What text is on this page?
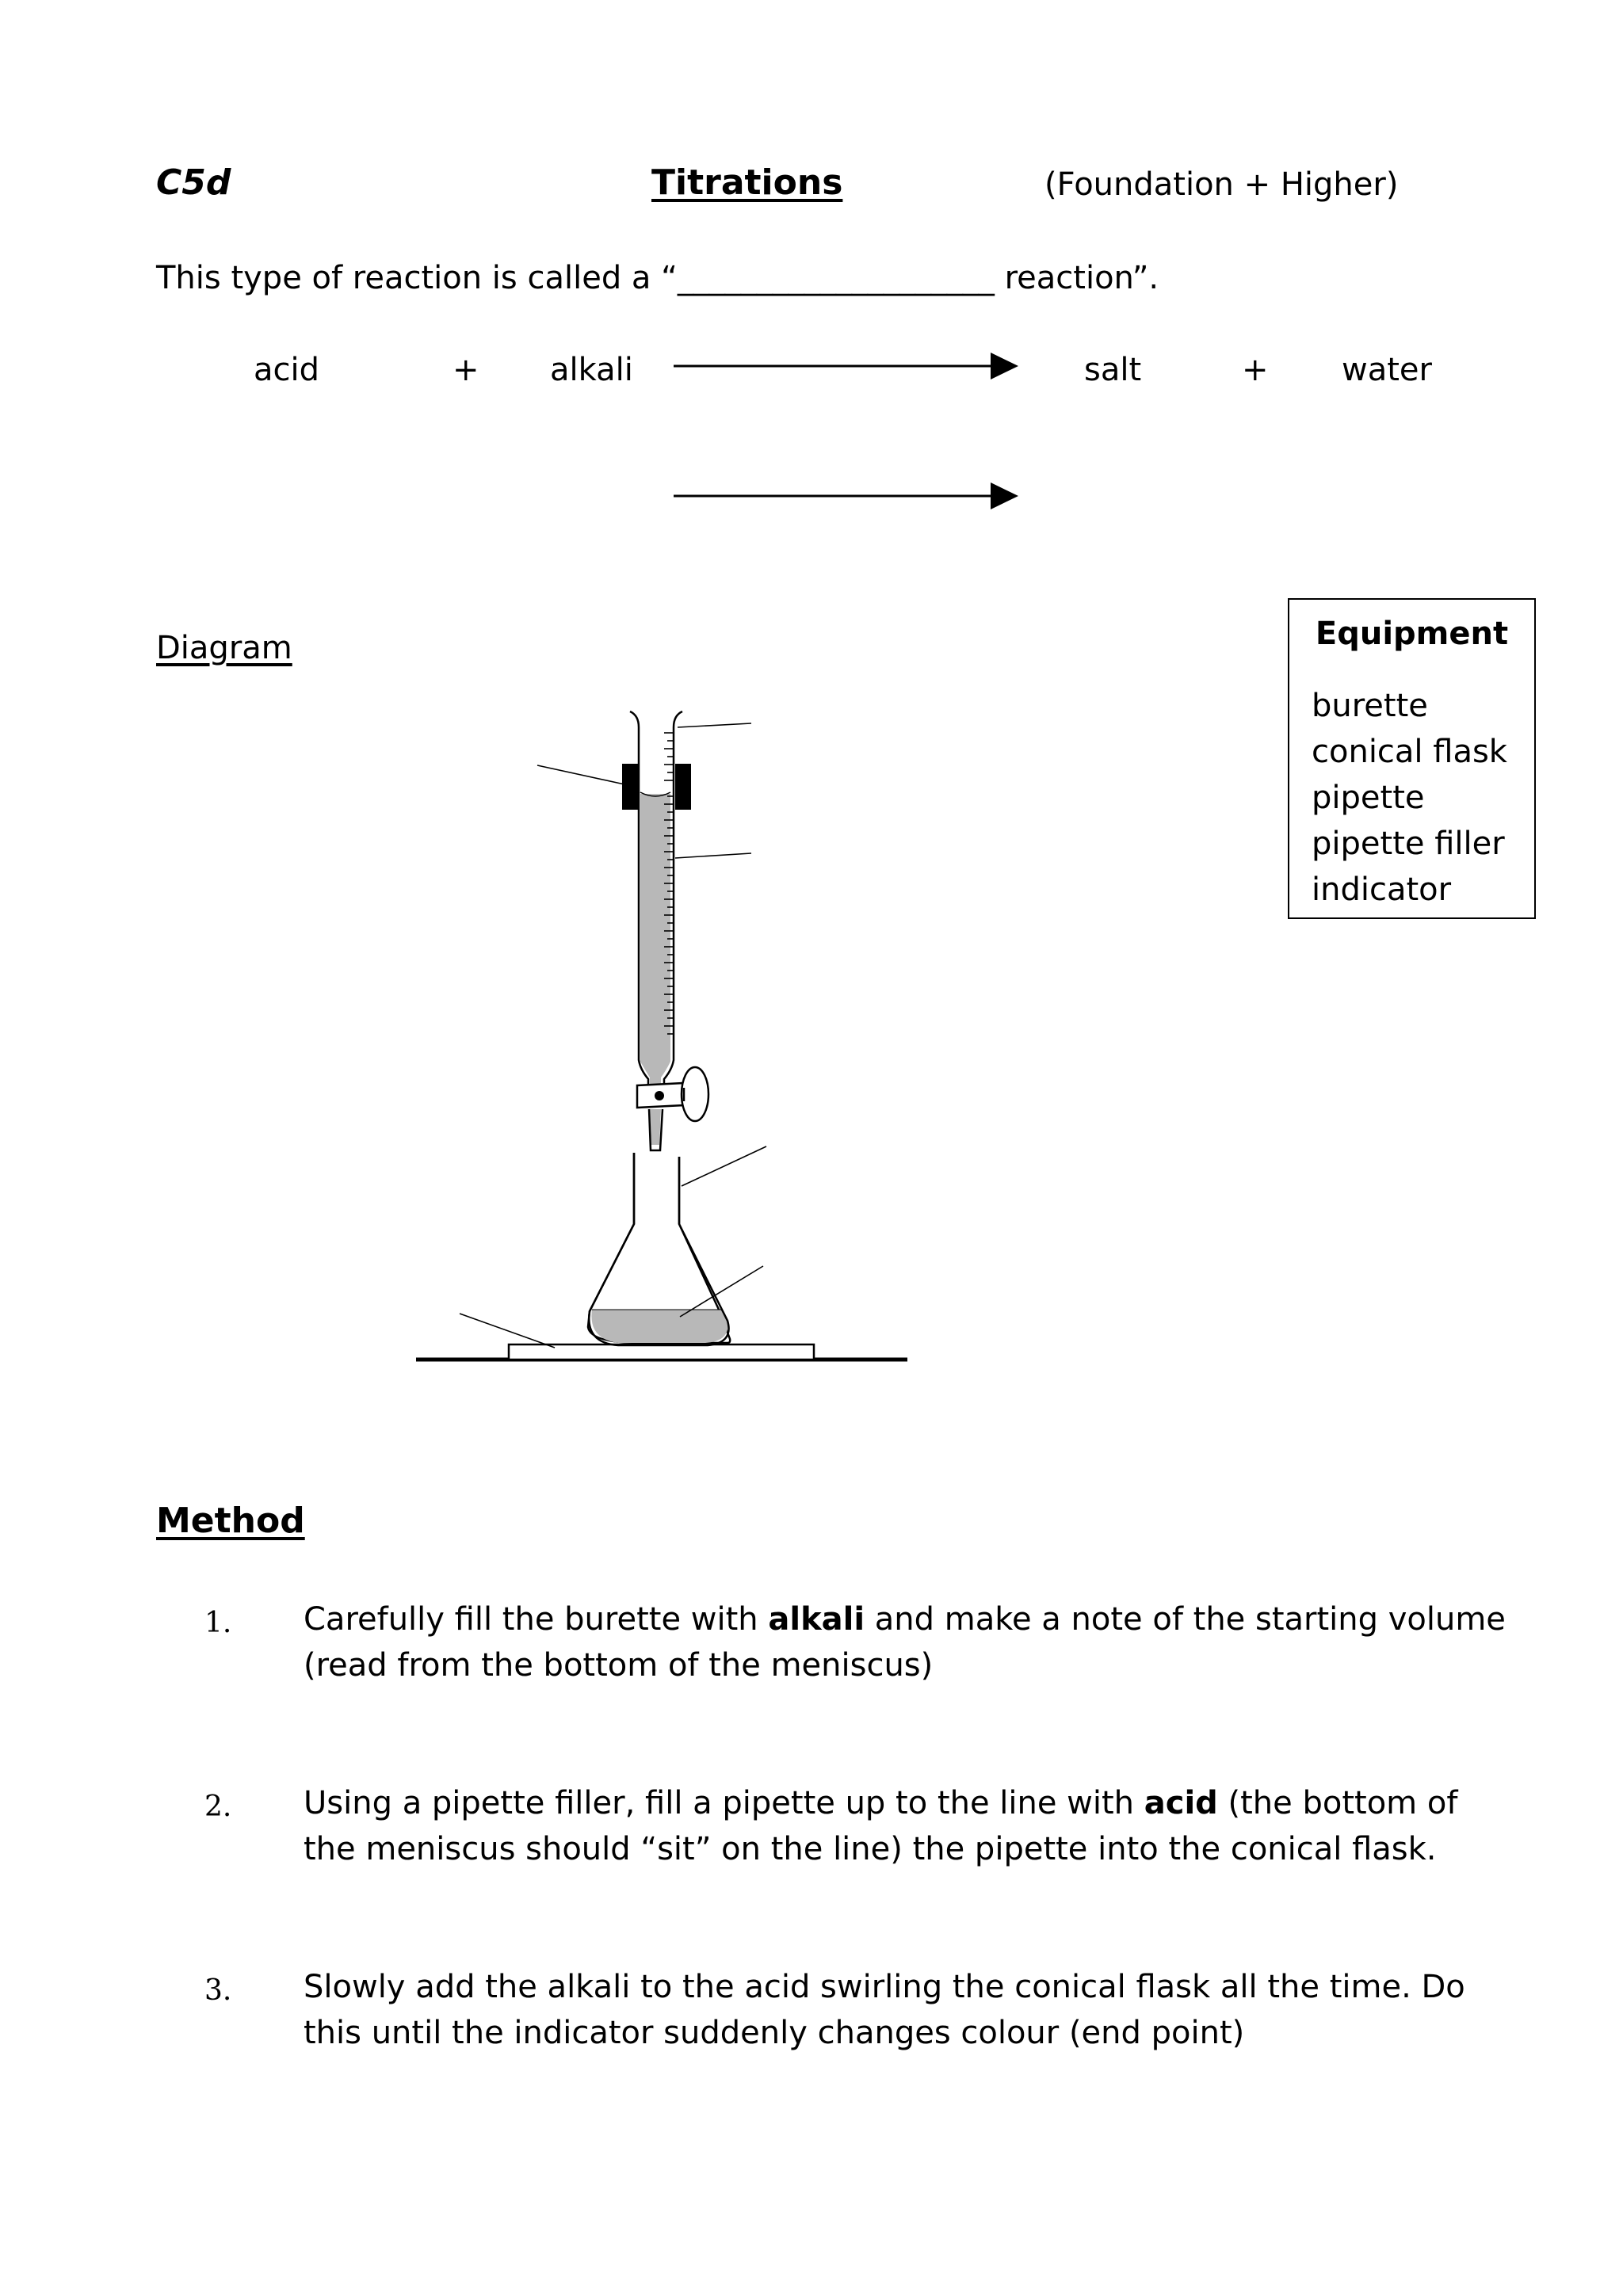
C5d	Titrations	(Foundation + Higher)
This type of reaction is called a “____________________ reaction”.
acid	+ alkali	salt	+ water
Diagram	Equipment
burette
conical flask
pipette
pipette filler
indicator
Method
1. Carefully fill the burette with alkali and make a note of the starting volume
(read from the bottom of the meniscus)
2. Using a pipette filler, fill a pipette up to the line with acid (the bottom of
the meniscus should “sit” on the line) the pipette into the conical flask.
3. Slowly add the alkali to the acid swirling the conical flask all the time. Do
this until the indicator suddenly changes colour (end point)
